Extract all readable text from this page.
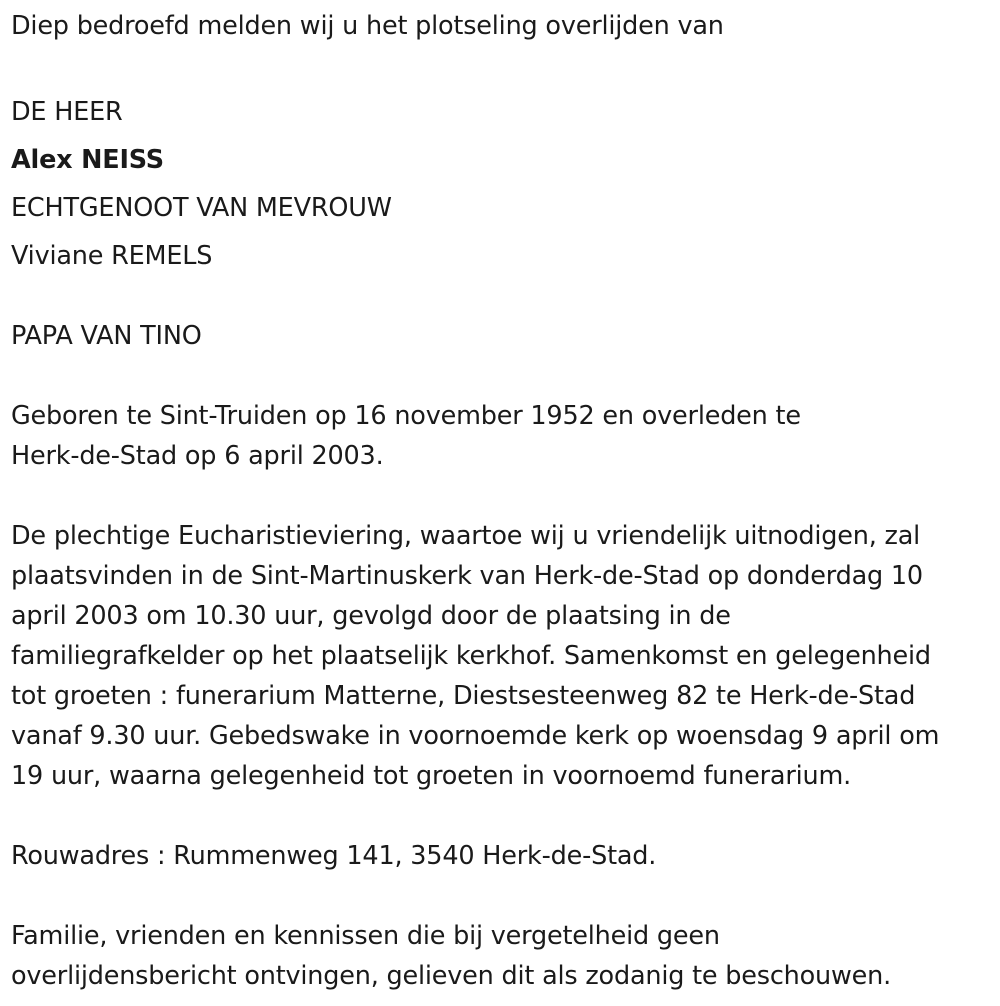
Diep bedroefd melden wij u het plotseling overlijden van
DE HEER
Alex NEISS
ECHTGENOOT VAN MEVROUW
Viviane REMELS
PAPA VAN TINO
Geboren te Sint-Truiden op 16 november 1952 en overleden te
Herk-de-Stad op 6 april 2003.
De plechtige Eucharistieviering, waartoe wij u vriendelijk uitnodigen, zal
plaatsvinden in de Sint-Martinuskerk van Herk-de-Stad op donderdag 10
april 2003 om 10.30 uur, gevolgd door de plaatsing in de
familiegrafkelder op het plaatselijk kerkhof. Samenkomst en gelegenheid
tot groeten : funerarium Matterne, Diestsesteenweg 82 te Herk-de-Stad
vanaf 9.30 uur. Gebedswake in voornoemde kerk op woensdag 9 april om
19 uur, waarna gelegenheid tot groeten in voornoemd funerarium.
Rouwadres : Rummenweg 141, 3540 Herk-de-Stad.
Familie, vrienden en kennissen die bij vergetelheid geen
overlijdensbericht ontvingen, gelieven dit als zodanig te beschouwen.
